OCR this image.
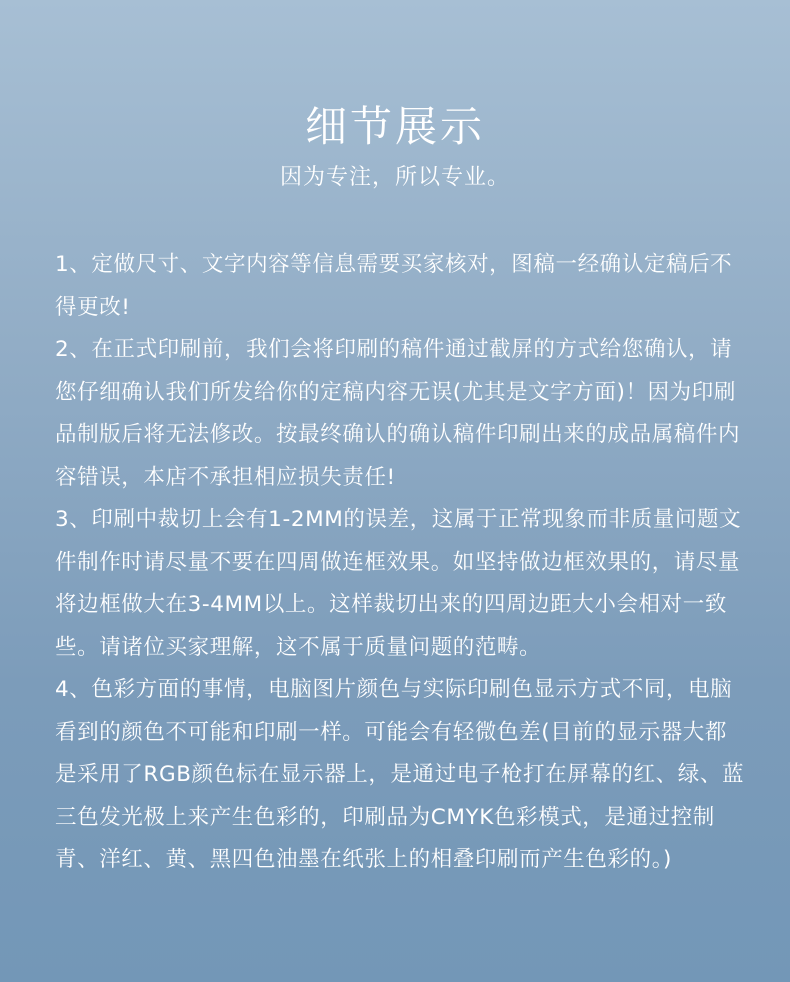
细节展示

因为专注，所以专业。

1、定做尺寸、文字内容等信息需要买家核对，图稿一经确认定稿后不得更改!

2、在正式印刷前，我们会将印刷的稿件通过截屏的方式给您确认，请您仔细确认我们所发给你的定稿内容无误(尤其是文字方面)！因为印刷品制版后将无法修改。按最终确认的确认稿件印刷出来的成品属稿件内容错误，本店不承担相应损失责任!

3、印刷中裁切上会有1-2MM的误差，这属于正常现象而非质量问题文件制作时请尽量不要在四周做连框效果。如坚持做边框效果的，请尽量将边框做大在3-4MM以上。这样裁切出来的四周边距大小会相对一致些。请诸位买家理解，这不属于质量问题的范畴。

4、色彩方面的事情，电脑图片颜色与实际印刷色显示方式不同，电脑看到的颜色不可能和印刷一样。可能会有轻微色差(目前的显示器大都是采用了RGB颜色标在显示器上，是通过电子枪打在屏幕的红、绿、蓝三色发光极上来产生色彩的，印刷品为CMYK色彩模式，是通过控制青、洋红、黄、黑四色油墨在纸张上的相叠印刷而产生色彩的。)
